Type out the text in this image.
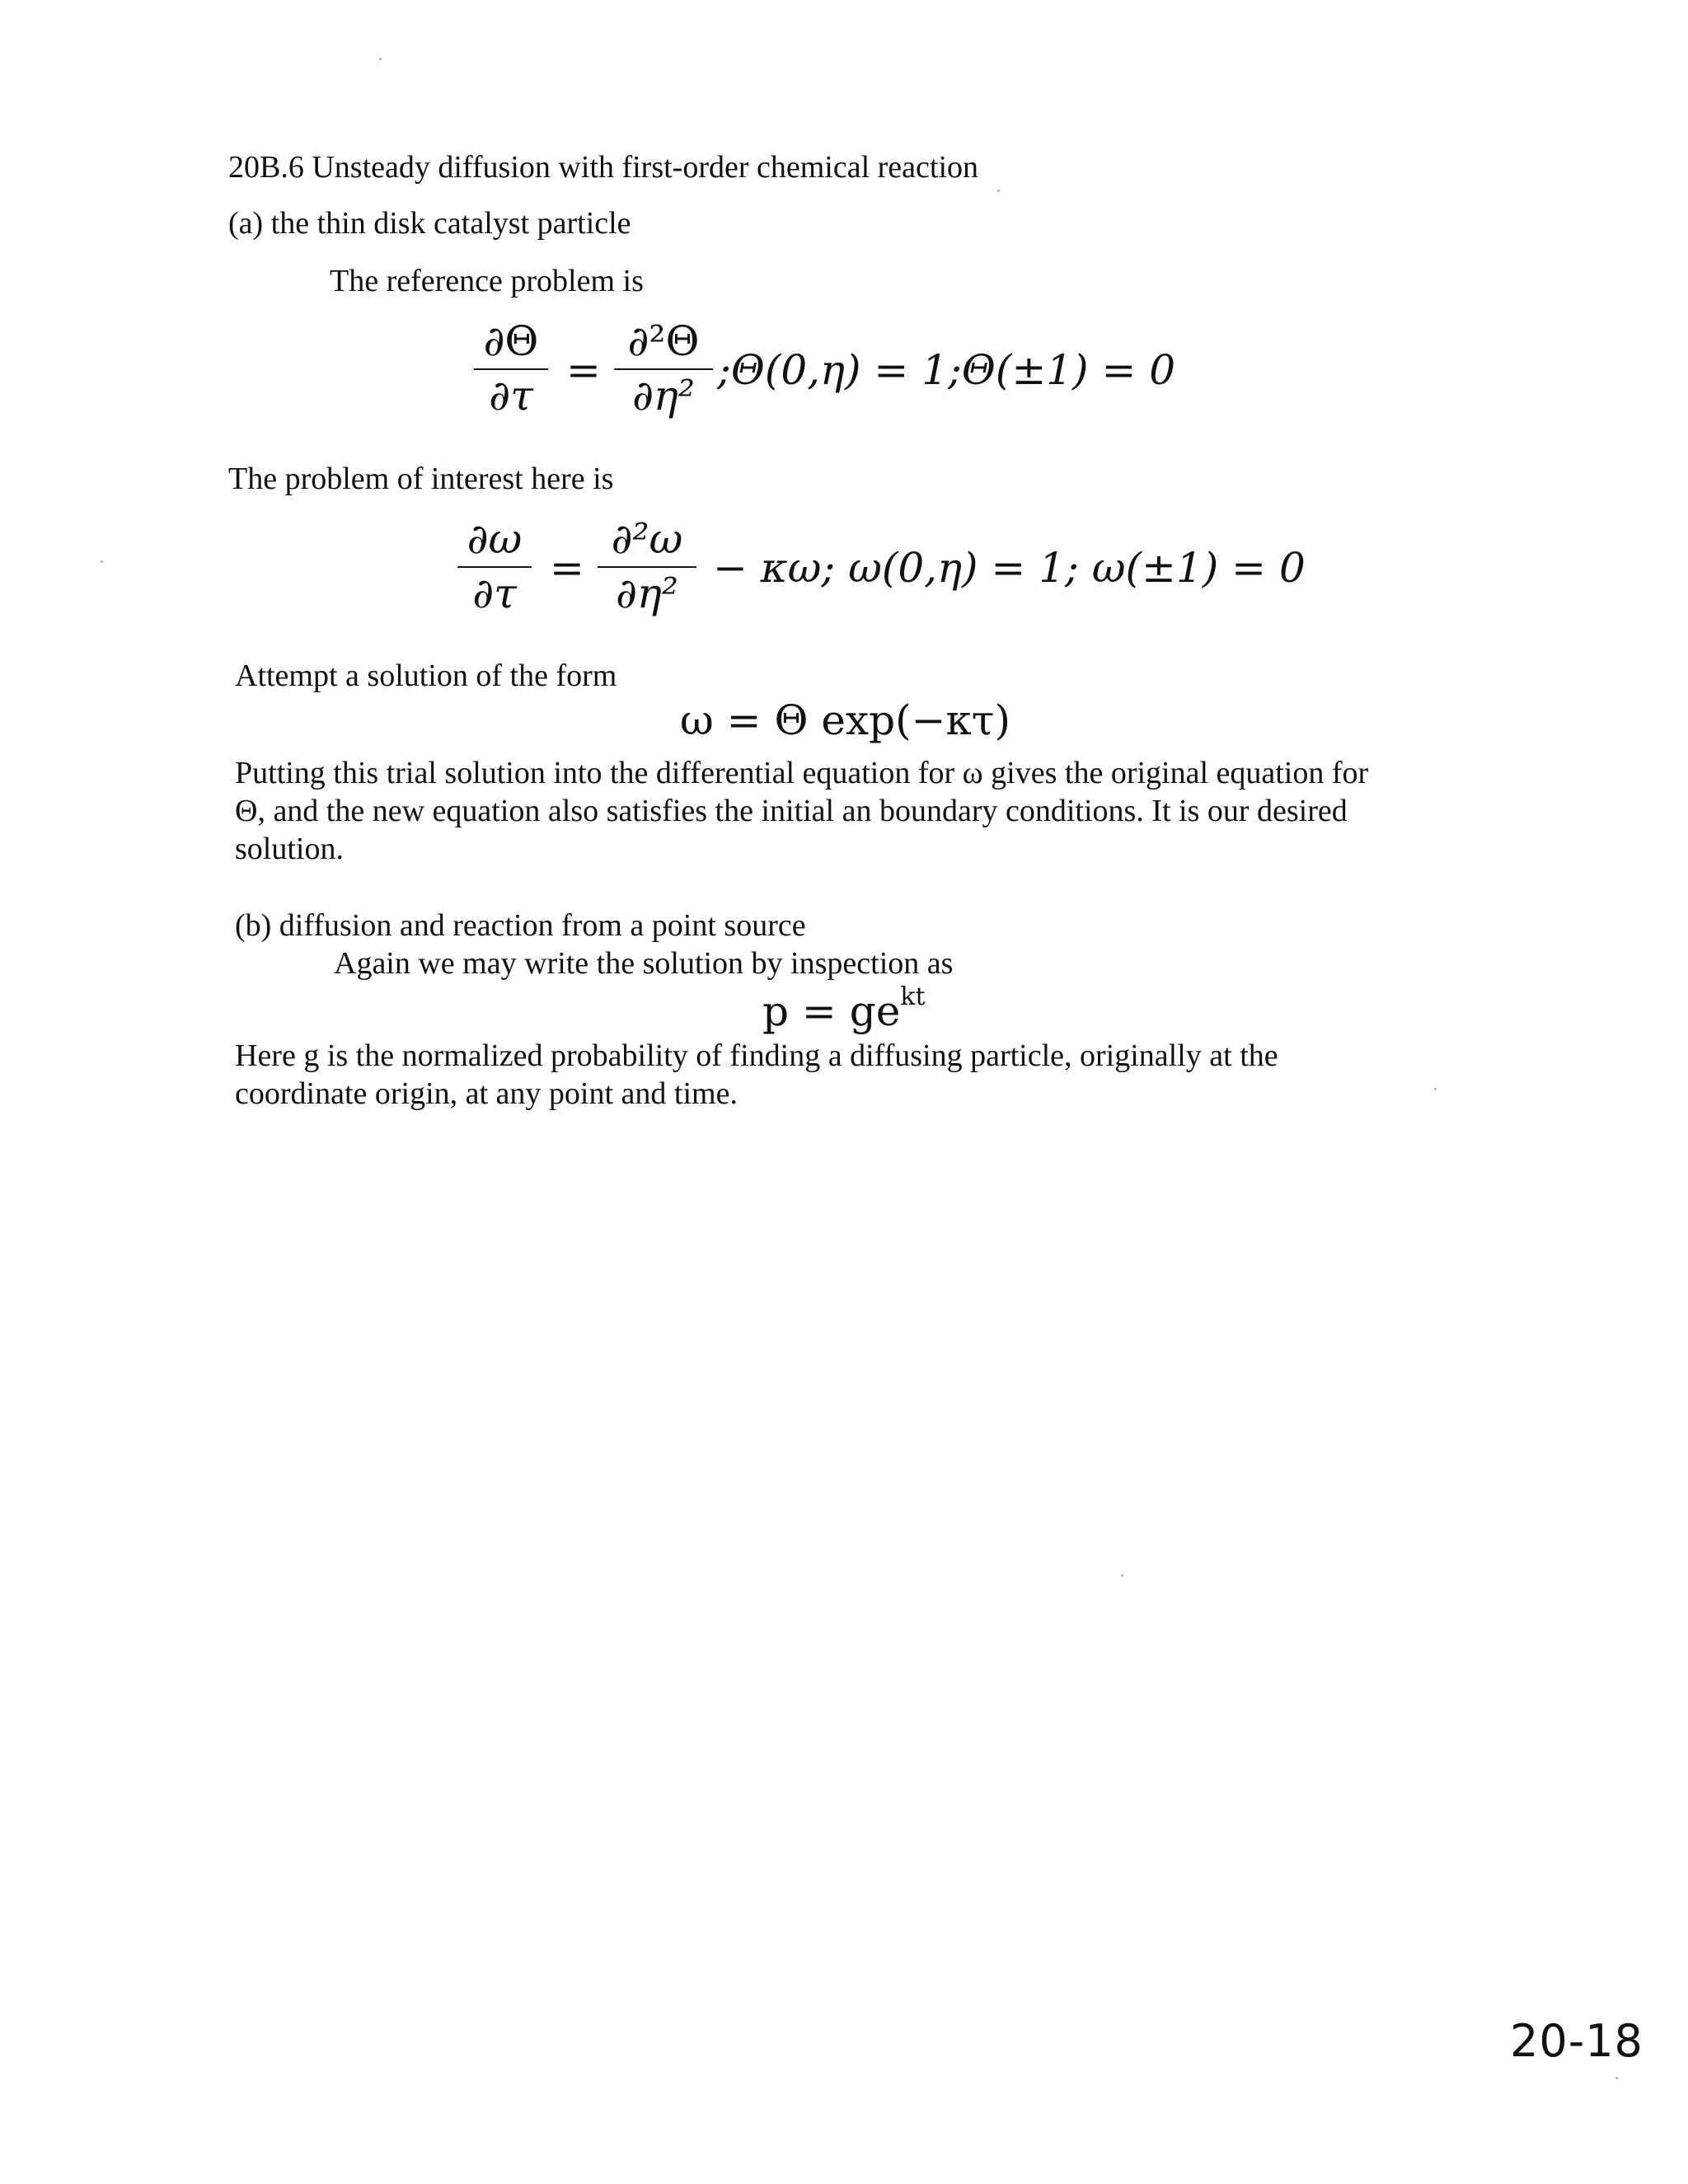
20B.6 Unsteady diffusion with first-order chemical reaction
(a) the thin disk catalyst particle
The reference problem is
∂Θ
∂τ
=
∂²Θ
∂η²
;Θ(0,η) = 1;Θ(±1) = 0
The problem of interest here is
∂ω
∂τ
=
∂²ω
∂η²
− κω; ω(0,η) = 1; ω(±1) = 0
Attempt a solution of the form
ω = Θ exp(−κτ)
Putting this trial solution into the differential equation for ω gives the original equation for Θ, and the new equation also satisfies the initial an boundary conditions. It is our desired solution.
(b) diffusion and reaction from a point source
Again we may write the solution by inspection as
$p = ge^{kt}$
Here g is the normalized probability of finding a diffusing particle, originally at the coordinate origin, at any point and time.
20-18
